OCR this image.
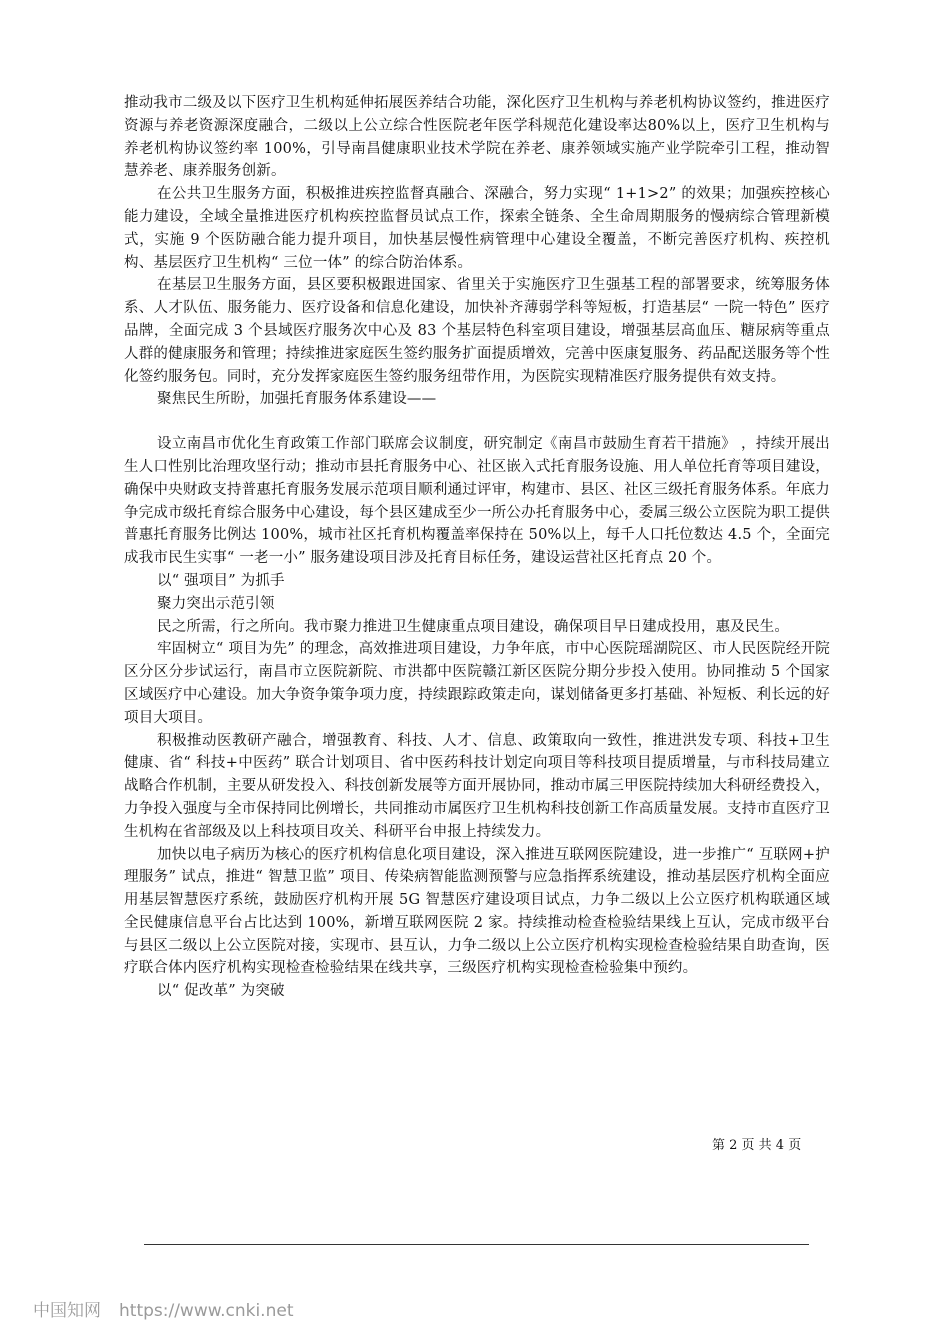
推动我市二级及以下医疗卫生机构延伸拓展医养结合功能，深化医疗卫生机构与养老机构协议签约，推进医疗资源与养老资源深度融合，二级以上公立综合性医院老年医学科规范化建设率达80%以上，医疗卫生机构与养老机构协议签约率 100%，引导南昌健康职业技术学院在养老、康养领域实施产业学院牵引工程，推动智慧养老、康养服务创新。

在公共卫生服务方面，积极推进疾控监督真融合、深融合，努力实现“ 1+1>2” 的效果；加强疾控核心能力建设，全域全量推进医疗机构疾控监督员试点工作，探索全链条、全生命周期服务的慢病综合管理新模式，实施 9 个医防融合能力提升项目，加快基层慢性病管理中心建设全覆盖，不断完善医疗机构、疾控机构、基层医疗卫生机构“ 三位一体” 的综合防治体系。

在基层卫生服务方面，县区要积极跟进国家、省里关于实施医疗卫生强基工程的部署要求，统筹服务体系、人才队伍、服务能力、医疗设备和信息化建设，加快补齐薄弱学科等短板，打造基层“ 一院一特色” 医疗品牌，全面完成 3 个县域医疗服务次中心及 83 个基层特色科室项目建设，增强基层高血压、糖尿病等重点人群的健康服务和管理；持续推进家庭医生签约服务扩面提质增效，完善中医康复服务、药品配送服务等个性化签约服务包。同时，充分发挥家庭医生签约服务纽带作用，为医院实现精准医疗服务提供有效支持。

聚焦民生所盼，加强托育服务体系建设——

设立南昌市优化生育政策工作部门联席会议制度，研究制定《南昌市鼓励生育若干措施》 ，持续开展出生人口性别比治理攻坚行动；推动市县托育服务中心、社区嵌入式托育服务设施、用人单位托育等项目建设，确保中央财政支持普惠托育服务发展示范项目顺利通过评审，构建市、县区、社区三级托育服务体系。年底力争完成市级托育综合服务中心建设，每个县区建成至少一所公办托育服务中心，委属三级公立医院为职工提供普惠托育服务比例达 100%，城市社区托育机构覆盖率保持在 50%以上，每千人口托位数达 4.5 个，全面完成我市民生实事“ 一老一小” 服务建设项目涉及托育目标任务，建设运营社区托育点 20 个。

以“ 强项目” 为抓手

聚力突出示范引领

民之所需，行之所向。我市聚力推进卫生健康重点项目建设，确保项目早日建成投用，惠及民生。

牢固树立“ 项目为先” 的理念，高效推进项目建设，力争年底，市中心医院瑶湖院区、市人民医院经开院区分区分步试运行，南昌市立医院新院、市洪都中医院赣江新区医院分期分步投入使用。协同推动 5 个国家区域医疗中心建设。加大争资争策争项力度，持续跟踪政策走向，谋划储备更多打基础、补短板、利长远的好项目大项目。

积极推动医教研产融合，增强教育、科技、人才、信息、政策取向一致性，推进洪发专项、科技+卫生健康、省“ 科技+中医药” 联合计划项目、省中医药科技计划定向项目等科技项目提质增量，与市科技局建立战略合作机制，主要从研发投入、科技创新发展等方面开展协同，推动市属三甲医院持续加大科研经费投入，力争投入强度与全市保持同比例增长，共同推动市属医疗卫生机构科技创新工作高质量发展。支持市直医疗卫生机构在省部级及以上科技项目攻关、科研平台申报上持续发力。

加快以电子病历为核心的医疗机构信息化项目建设，深入推进互联网医院建设，进一步推广“ 互联网+护理服务” 试点，推进“ 智慧卫监” 项目、传染病智能监测预警与应急指挥系统建设，推动基层医疗机构全面应用基层智慧医疗系统，鼓励医疗机构开展 5G 智慧医疗建设项目试点，力争二级以上公立医疗机构联通区域全民健康信息平台占比达到 100%，新增互联网医院 2 家。持续推动检查检验结果线上互认，完成市级平台与县区二级以上公立医院对接，实现市、县互认，力争二级以上公立医疗机构实现检查检验结果自助查询，医疗联合体内医疗机构实现检查检验结果在线共享，三级医疗机构实现检查检验集中预约。

以“ 促改革” 为突破

第 2 页 共 4 页
中国知网 https://www.cnki.net
